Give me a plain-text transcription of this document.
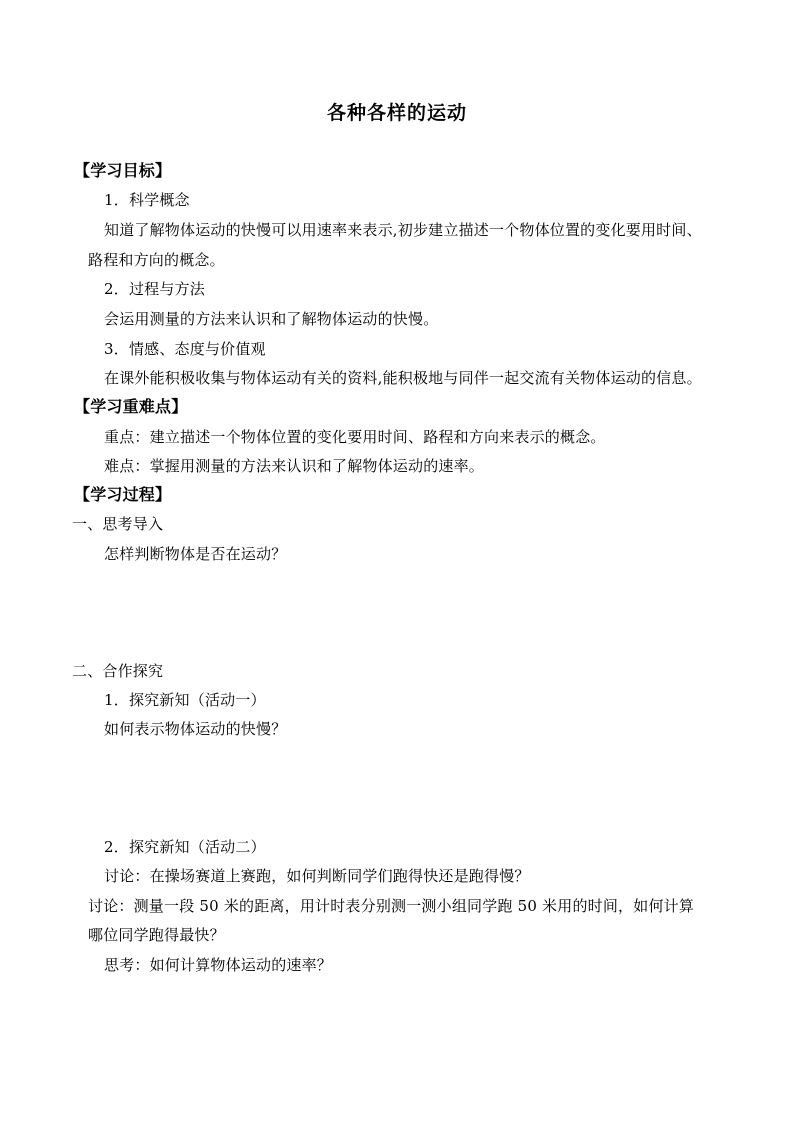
各种各样的运动
【学习目标】
1．科学概念
知道了解物体运动的快慢可以用速率来表示,初步建立描述一个物体位置的变化要用时间、
路程和方向的概念。
2．过程与方法
会运用测量的方法来认识和了解物体运动的快慢。
3．情感、态度与价值观
在课外能积极收集与物体运动有关的资料,能积极地与同伴一起交流有关物体运动的信息。
【学习重难点】
重点：建立描述一个物体位置的变化要用时间、路程和方向来表示的概念。
难点：掌握用测量的方法来认识和了解物体运动的速率。
【学习过程】
一、思考导入
怎样判断物体是否在运动？
二、合作探究
1．探究新知（活动一）
如何表示物体运动的快慢？
2．探究新知（活动二）
讨论：在操场赛道上赛跑，如何判断同学们跑得快还是跑得慢？
讨论：测量一段 50 米的距离，用计时表分别测一测小组同学跑 50 米用的时间，如何计算
哪位同学跑得最快？
思考：如何计算物体运动的速率？
